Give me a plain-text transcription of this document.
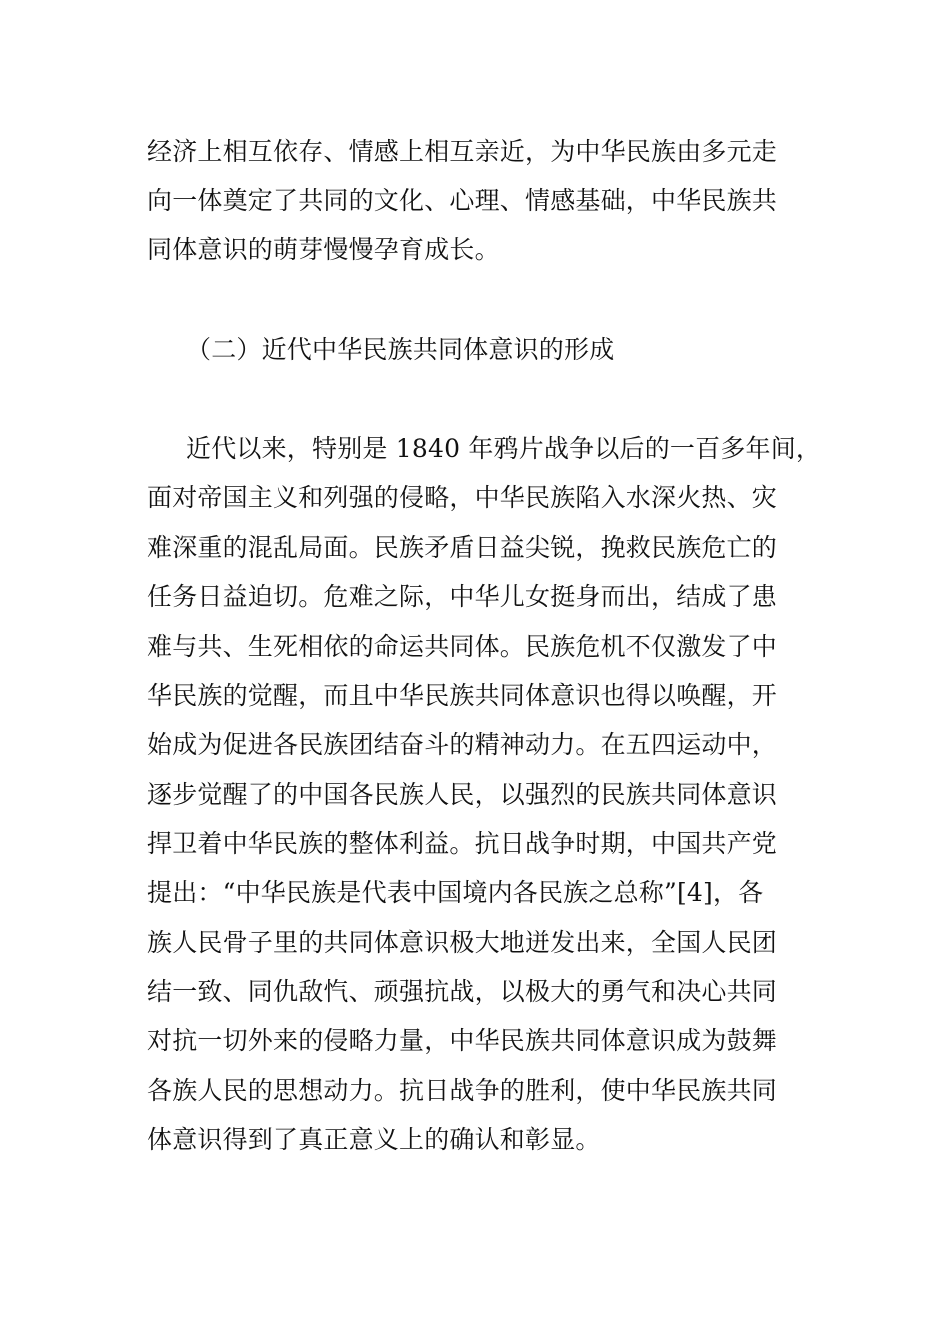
经济上相互依存、情感上相互亲近，为中华民族由多元走
向一体奠定了共同的文化、心理、情感基础，中华民族共
同体意识的萌芽慢慢孕育成长。
（二）近代中华民族共同体意识的形成
近代以来，特别是 1840 年鸦片战争以后的一百多年间，
面对帝国主义和列强的侵略，中华民族陷入水深火热、灾
难深重的混乱局面。民族矛盾日益尖锐，挽救民族危亡的
任务日益迫切。危难之际，中华儿女挺身而出，结成了患
难与共、生死相依的命运共同体。民族危机不仅激发了中
华民族的觉醒，而且中华民族共同体意识也得以唤醒，开
始成为促进各民族团结奋斗的精神动力。在五四运动中，
逐步觉醒了的中国各民族人民，以强烈的民族共同体意识
捍卫着中华民族的整体利益。抗日战争时期，中国共产党
提出：“中华民族是代表中国境内各民族之总称”[4]，各
族人民骨子里的共同体意识极大地迸发出来，全国人民团
结一致、同仇敌忾、顽强抗战，以极大的勇气和决心共同
对抗一切外来的侵略力量，中华民族共同体意识成为鼓舞
各族人民的思想动力。抗日战争的胜利，使中华民族共同
体意识得到了真正意义上的确认和彰显。
